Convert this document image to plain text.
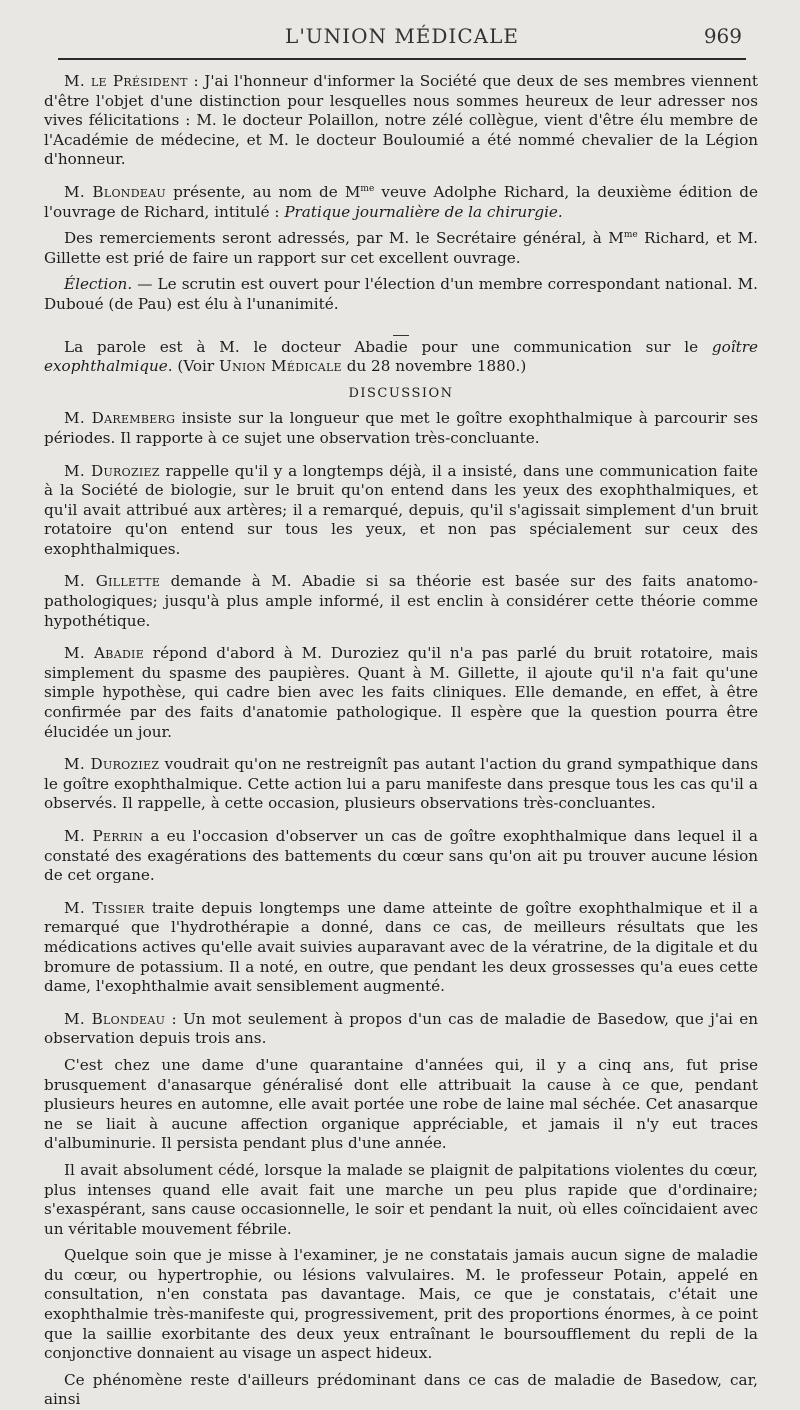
L'UNION MÉDICALE	969

M. le Président : J'ai l'honneur d'informer la Société que deux de ses membres viennent d'être l'objet d'une distinction pour lesquelles nous sommes heureux de leur adresser nos vives félicitations : M. le docteur Polaillon, notre zélé collègue, vient d'être élu membre de l'Académie de médecine, et M. le docteur Bouloumié a été nommé chevalier de la Légion d'honneur.

M. Blondeau présente, au nom de $M^{me}$ veuve Adolphe Richard, la deuxième édition de l'ouvrage de Richard, intitulé : Pratique journalière de la chirurgie.

Des remerciements seront adressés, par M. le Secrétaire général, à $M^{me}$ Richard, et M. Gillette est prié de faire un rapport sur cet excellent ouvrage.

Élection. — Le scrutin est ouvert pour l'élection d'un membre correspondant national. M. Duboué (de Pau) est élu à l'unanimité.

La parole est à M. le docteur Abadie pour une communication sur le goître exophthalmique. (Voir Union Médicale du 28 novembre 1880.)

DISCUSSION

M. Daremberg insiste sur la longueur que met le goître exophthalmique à parcourir ses périodes. Il rapporte à ce sujet une observation très-concluante.

M. Duroziez rappelle qu'il y a longtemps déjà, il a insisté, dans une communication faite à la Société de biologie, sur le bruit qu'on entend dans les yeux des exophthalmiques, et qu'il avait attribué aux artères; il a remarqué, depuis, qu'il s'agissait simplement d'un bruit rotatoire qu'on entend sur tous les yeux, et non pas spécialement sur ceux des exophthalmiques.

M. Gillette demande à M. Abadie si sa théorie est basée sur des faits anatomo-pathologiques; jusqu'à plus ample informé, il est enclin à considérer cette théorie comme hypothétique.

M. Abadie répond d'abord à M. Duroziez qu'il n'a pas parlé du bruit rotatoire, mais simplement du spasme des paupières. Quant à M. Gillette, il ajoute qu'il n'a fait qu'une simple hypothèse, qui cadre bien avec les faits cliniques. Elle demande, en effet, à être confirmée par des faits d'anatomie pathologique. Il espère que la question pourra être élucidée un jour.

M. Duroziez voudrait qu'on ne restreignît pas autant l'action du grand sympathique dans le goître exophthalmique. Cette action lui a paru manifeste dans presque tous les cas qu'il a observés. Il rappelle, à cette occasion, plusieurs observations très-concluantes.

M. Perrin a eu l'occasion d'observer un cas de goître exophthalmique dans lequel il a constaté des exagérations des battements du cœur sans qu'on ait pu trouver aucune lésion de cet organe.

M. Tissier traite depuis longtemps une dame atteinte de goître exophthalmique et il a remarqué que l'hydrothérapie a donné, dans ce cas, de meilleurs résultats que les médications actives qu'elle avait suivies auparavant avec de la vératrine, de la digitale et du bromure de potassium. Il a noté, en outre, que pendant les deux grossesses qu'a eues cette dame, l'exophthalmie avait sensiblement augmenté.

M. Blondeau : Un mot seulement à propos d'un cas de maladie de Basedow, que j'ai en observation depuis trois ans.

C'est chez une dame d'une quarantaine d'années qui, il y a cinq ans, fut prise brusquement d'anasarque généralisé dont elle attribuait la cause à ce que, pendant plusieurs heures en automne, elle avait portée une robe de laine mal séchée. Cet anasarque ne se liait à aucune affection organique appréciable, et jamais il n'y eut traces d'albuminurie. Il persista pendant plus d'une année.

Il avait absolument cédé, lorsque la malade se plaignit de palpitations violentes du cœur, plus intenses quand elle avait fait une marche un peu plus rapide que d'ordinaire; s'exaspérant, sans cause occasionnelle, le soir et pendant la nuit, où elles coïncidaient avec un véritable mouvement fébrile.

Quelque soin que je misse à l'examiner, je ne constatais jamais aucun signe de maladie du cœur, ou hypertrophie, ou lésions valvulaires. M. le professeur Potain, appelé en consultation, n'en constata pas davantage. Mais, ce que je constatais, c'était une exophthalmie très-manifeste qui, progressivement, prit des proportions énormes, à ce point que la saillie exorbitante des deux yeux entraînant le boursoufflement du repli de la conjonctive donnaient au visage un aspect hideux.

Ce phénomène reste d'ailleurs prédominant dans ce cas de maladie de Basedow, car, ainsi
